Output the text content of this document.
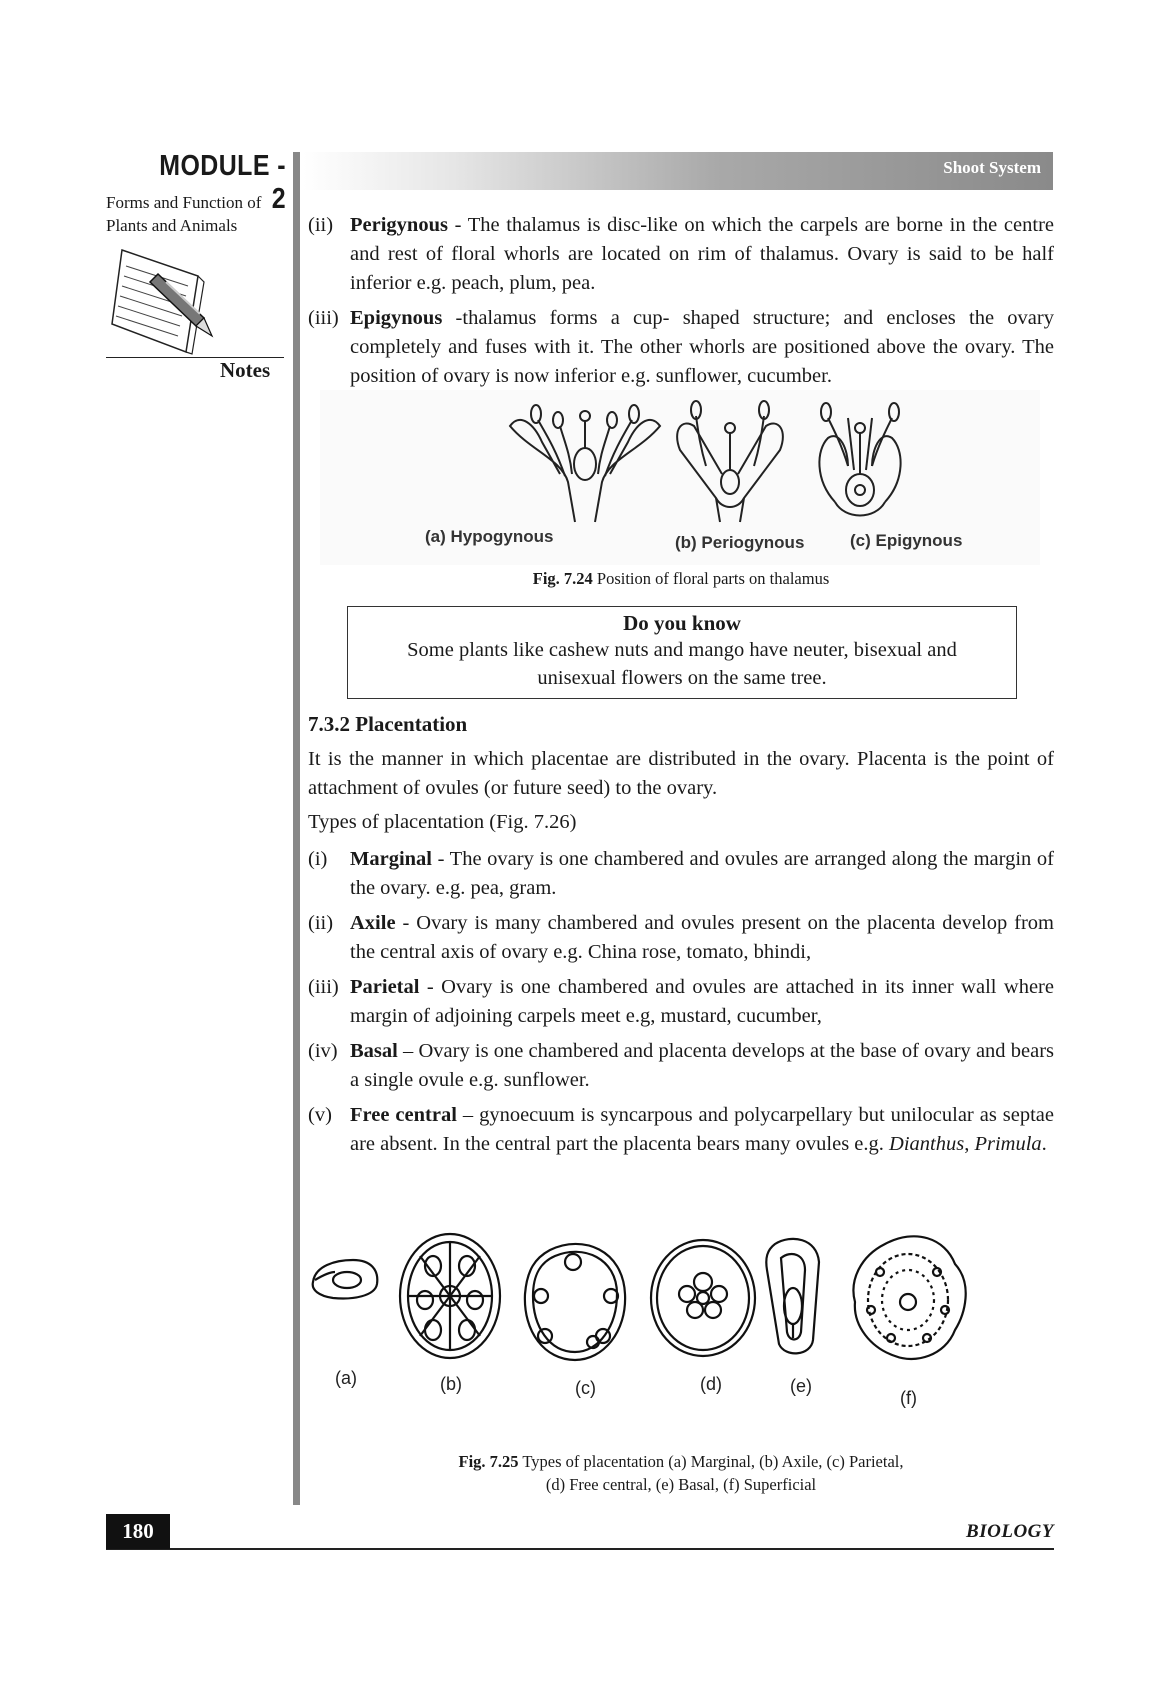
MODULE - 2
Forms and Function of
Plants and Animals
Notes
Shoot System
(ii) Perigynous - The thalamus is disc-like on which the carpels are borne in the centre and rest of floral whorls are located on rim of thalamus. Ovary is said to be half inferior e.g. peach, plum, pea.
(iii) Epigynous -thalamus forms a cup- shaped structure; and encloses the ovary completely and fuses with it. The other whorls are positioned above the ovary. The position of ovary is now inferior e.g. sunflower, cucumber.
(a) Hypogynous	(b) Periogynous	(c) Epigynous
Fig. 7.24 Position of floral parts on thalamus
Do you know
Some plants like cashew nuts and mango have neuter, bisexual and unisexual flowers on the same tree.
7.3.2 Placentation
It is the manner in which placentae are distributed in the ovary. Placenta is the point of attachment of ovules (or future seed) to the ovary.
Types of placentation (Fig. 7.26)
(i) Marginal - The ovary is one chambered and ovules are arranged along the margin of the ovary. e.g. pea, gram.
(ii) Axile - Ovary is many chambered and ovules present on the placenta develop from the central axis of ovary e.g. China rose, tomato, bhindi,
(iii) Parietal - Ovary is one chambered and ovules are attached in its inner wall where margin of adjoining carpels meet e.g, mustard, cucumber,
(iv) Basal – Ovary is one chambered and placenta develops at the base of ovary and bears a single ovule e.g. sunflower.
(v) Free central – gynoecuum is syncarpous and polycarpellary but unilocular as septae are absent. In the central part the placenta bears many ovules e.g. Dianthus, Primula.
(a)	(b)	(c)	(d)	(e)
(f)
Fig. 7.25 Types of placentation (a) Marginal, (b) Axile, (c) Parietal,
(d) Free central, (e) Basal, (f) Superficial
180	BIOLOGY
